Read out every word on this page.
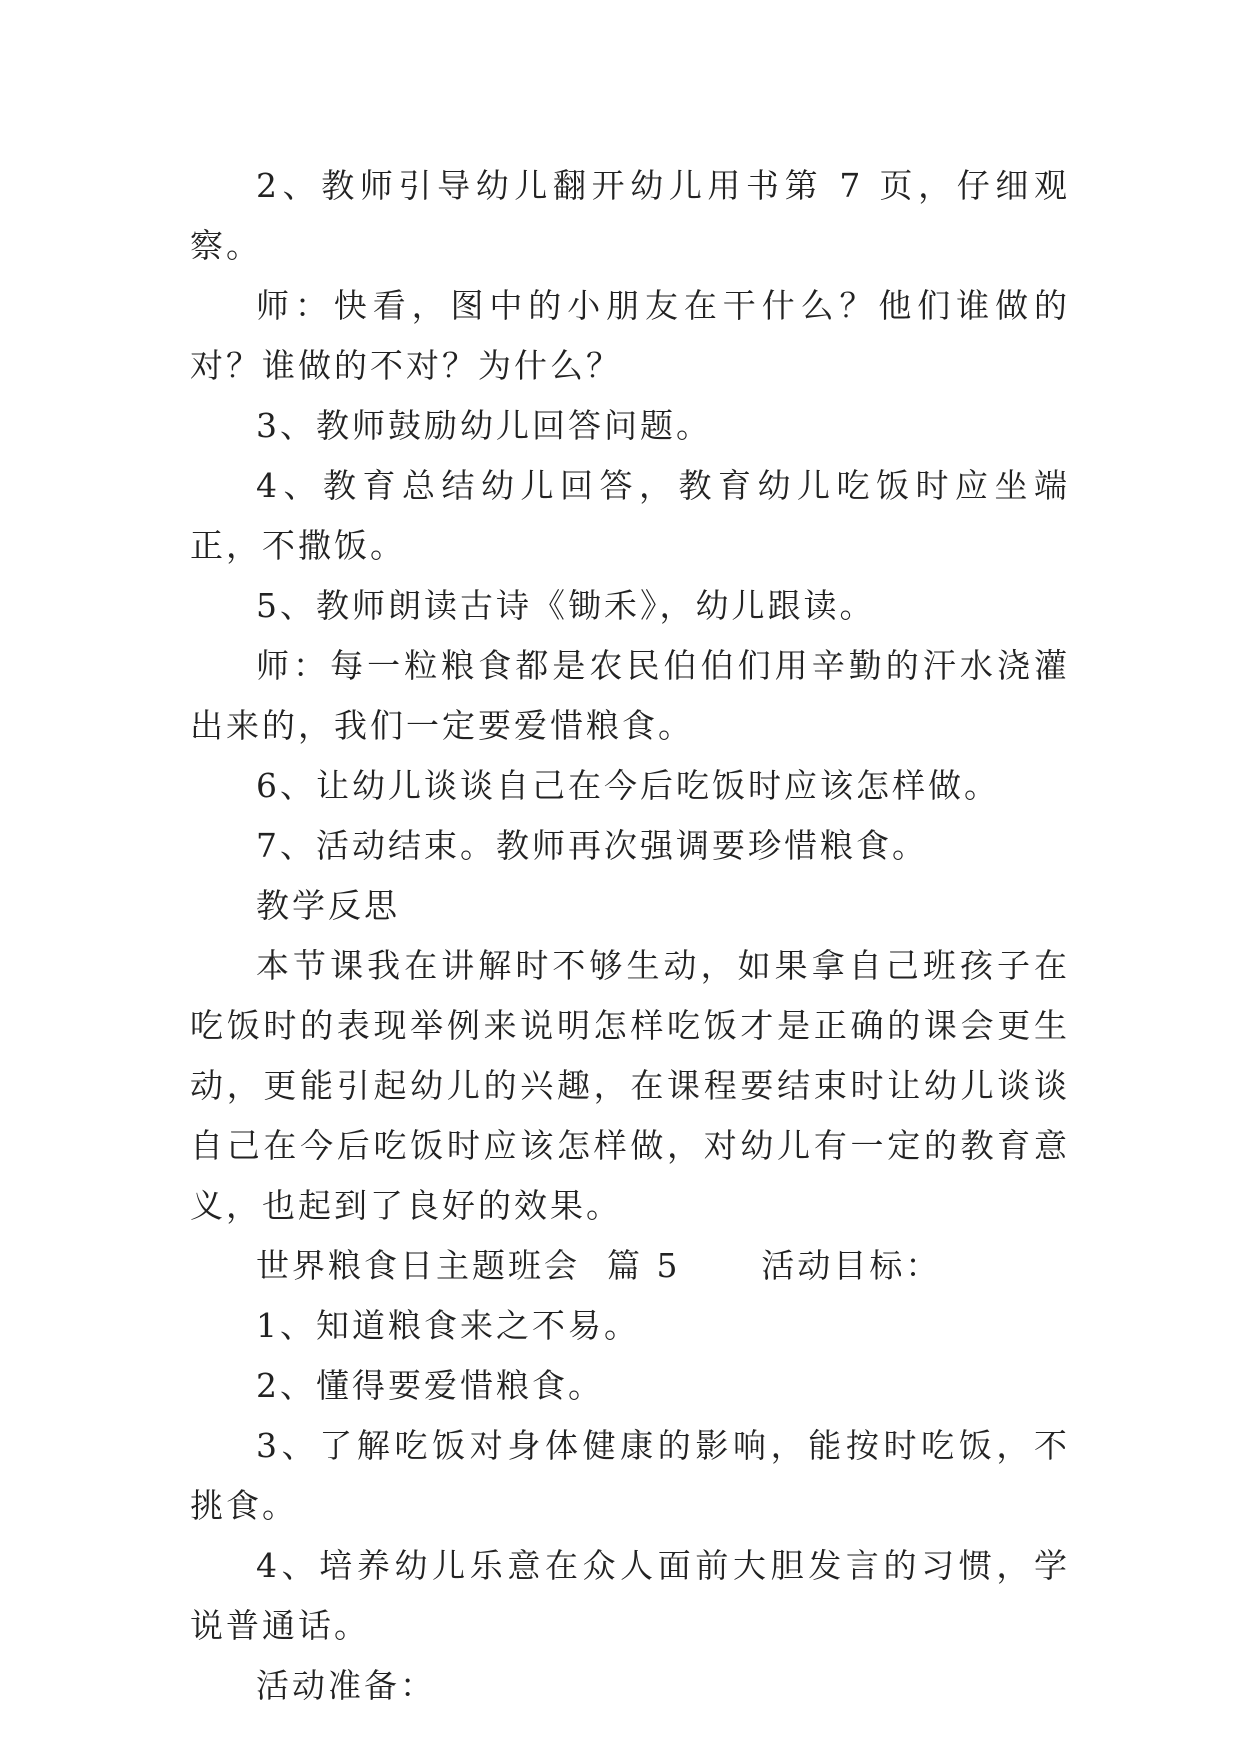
2、教师引导幼儿翻开幼儿用书第 7 页，仔细观察。

师：快看，图中的小朋友在干什么？他们谁做的对？谁做的不对？为什么？

3、教师鼓励幼儿回答问题。

4、教育总结幼儿回答，教育幼儿吃饭时应坐端正，不撒饭。

5、教师朗读古诗《锄禾》，幼儿跟读。

师：每一粒粮食都是农民伯伯们用辛勤的汗水浇灌出来的，我们一定要爱惜粮食。

6、让幼儿谈谈自己在今后吃饭时应该怎样做。

7、活动结束。教师再次强调要珍惜粮食。

教学反思

本节课我在讲解时不够生动，如果拿自己班孩子在吃饭时的表现举例来说明怎样吃饭才是正确的课会更生动，更能引起幼儿的兴趣，在课程要结束时让幼儿谈谈自己在今后吃饭时应该怎样做，对幼儿有一定的教育意义，也起到了良好的效果。

世界粮食日主题班会  篇 5      活动目标：

1、知道粮食来之不易。

2、懂得要爱惜粮食。

3、了解吃饭对身体健康的影响，能按时吃饭，不挑食。

4、培养幼儿乐意在众人面前大胆发言的习惯，学说普通话。

活动准备：
